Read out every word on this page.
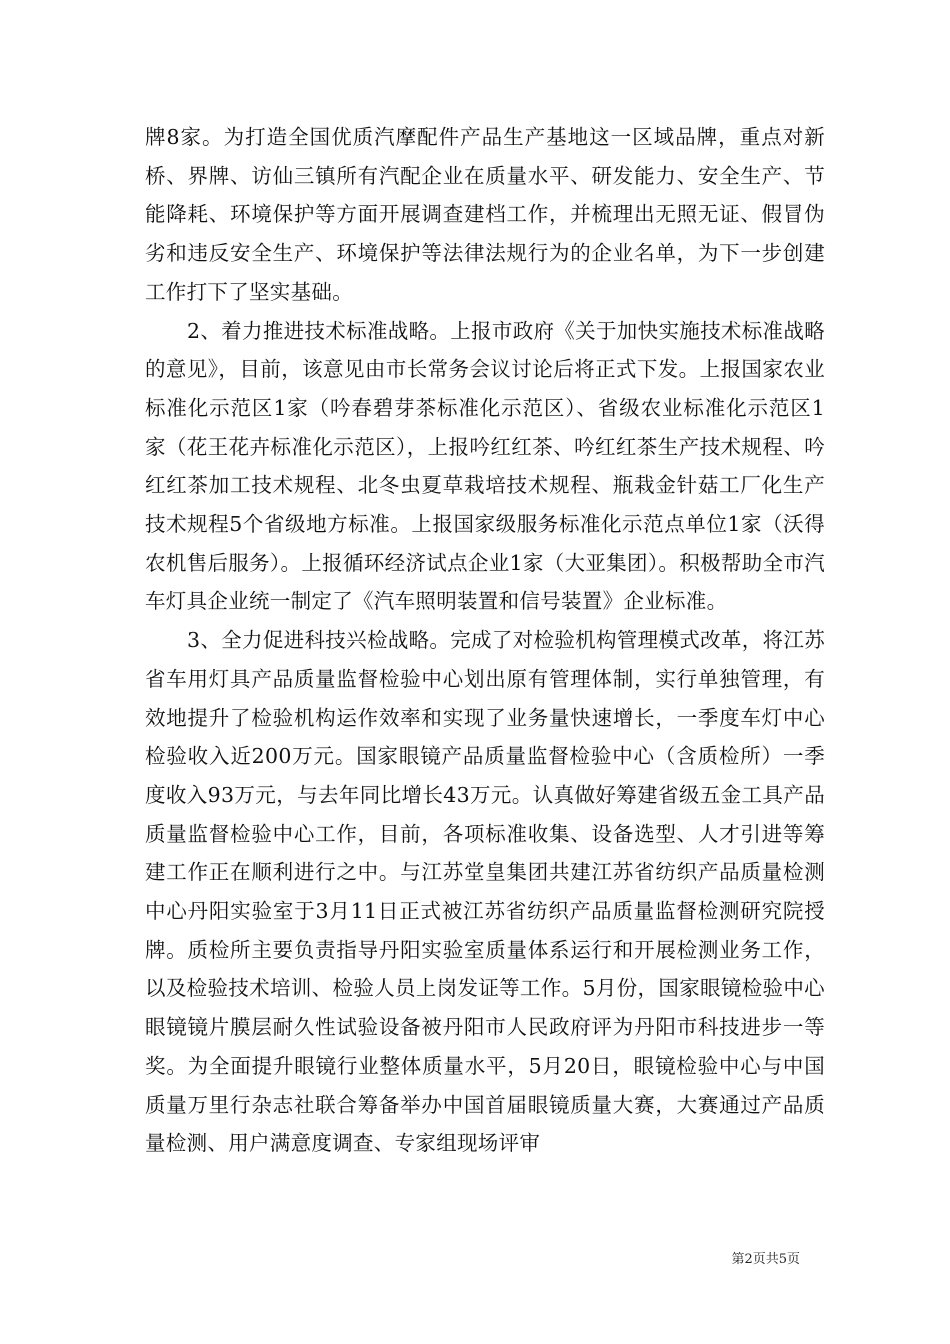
牌8家。为打造全国优质汽摩配件产品生产基地这一区域品牌，重点对新桥、界牌、访仙三镇所有汽配企业在质量水平、研发能力、安全生产、节能降耗、环境保护等方面开展调查建档工作，并梳理出无照无证、假冒伪劣和违反安全生产、环境保护等法律法规行为的企业名单，为下一步创建工作打下了坚实基础。

2、着力推进技术标准战略。上报市政府《关于加快实施技术标准战略的意见》，目前，该意见由市长常务会议讨论后将正式下发。上报国家农业标准化示范区1家（吟春碧芽茶标准化示范区）、省级农业标准化示范区1家（花王花卉标准化示范区），上报吟红红茶、吟红红茶生产技术规程、吟红红茶加工技术规程、北冬虫夏草栽培技术规程、瓶栽金针菇工厂化生产技术规程5个省级地方标准。上报国家级服务标准化示范点单位1家（沃得农机售后服务）。上报循环经济试点企业1家（大亚集团）。积极帮助全市汽车灯具企业统一制定了《汽车照明装置和信号装置》企业标准。

3、全力促进科技兴检战略。完成了对检验机构管理模式改革，将江苏省车用灯具产品质量监督检验中心划出原有管理体制，实行单独管理，有效地提升了检验机构运作效率和实现了业务量快速增长，一季度车灯中心检验收入近200万元。国家眼镜产品质量监督检验中心（含质检所）一季度收入93万元，与去年同比增长43万元。认真做好筹建省级五金工具产品质量监督检验中心工作，目前，各项标准收集、设备选型、人才引进等筹建工作正在顺利进行之中。与江苏堂皇集团共建江苏省纺织产品质量检测中心丹阳实验室于3月11日正式被江苏省纺织产品质量监督检测研究院授牌。质检所主要负责指导丹阳实验室质量体系运行和开展检测业务工作，以及检验技术培训、检验人员上岗发证等工作。5月份，国家眼镜检验中心眼镜镜片膜层耐久性试验设备被丹阳市人民政府评为丹阳市科技进步一等奖。为全面提升眼镜行业整体质量水平，5月20日，眼镜检验中心与中国质量万里行杂志社联合筹备举办中国首届眼镜质量大赛，大赛通过产品质量检测、用户满意度调查、专家组现场评审

第2页共5页
